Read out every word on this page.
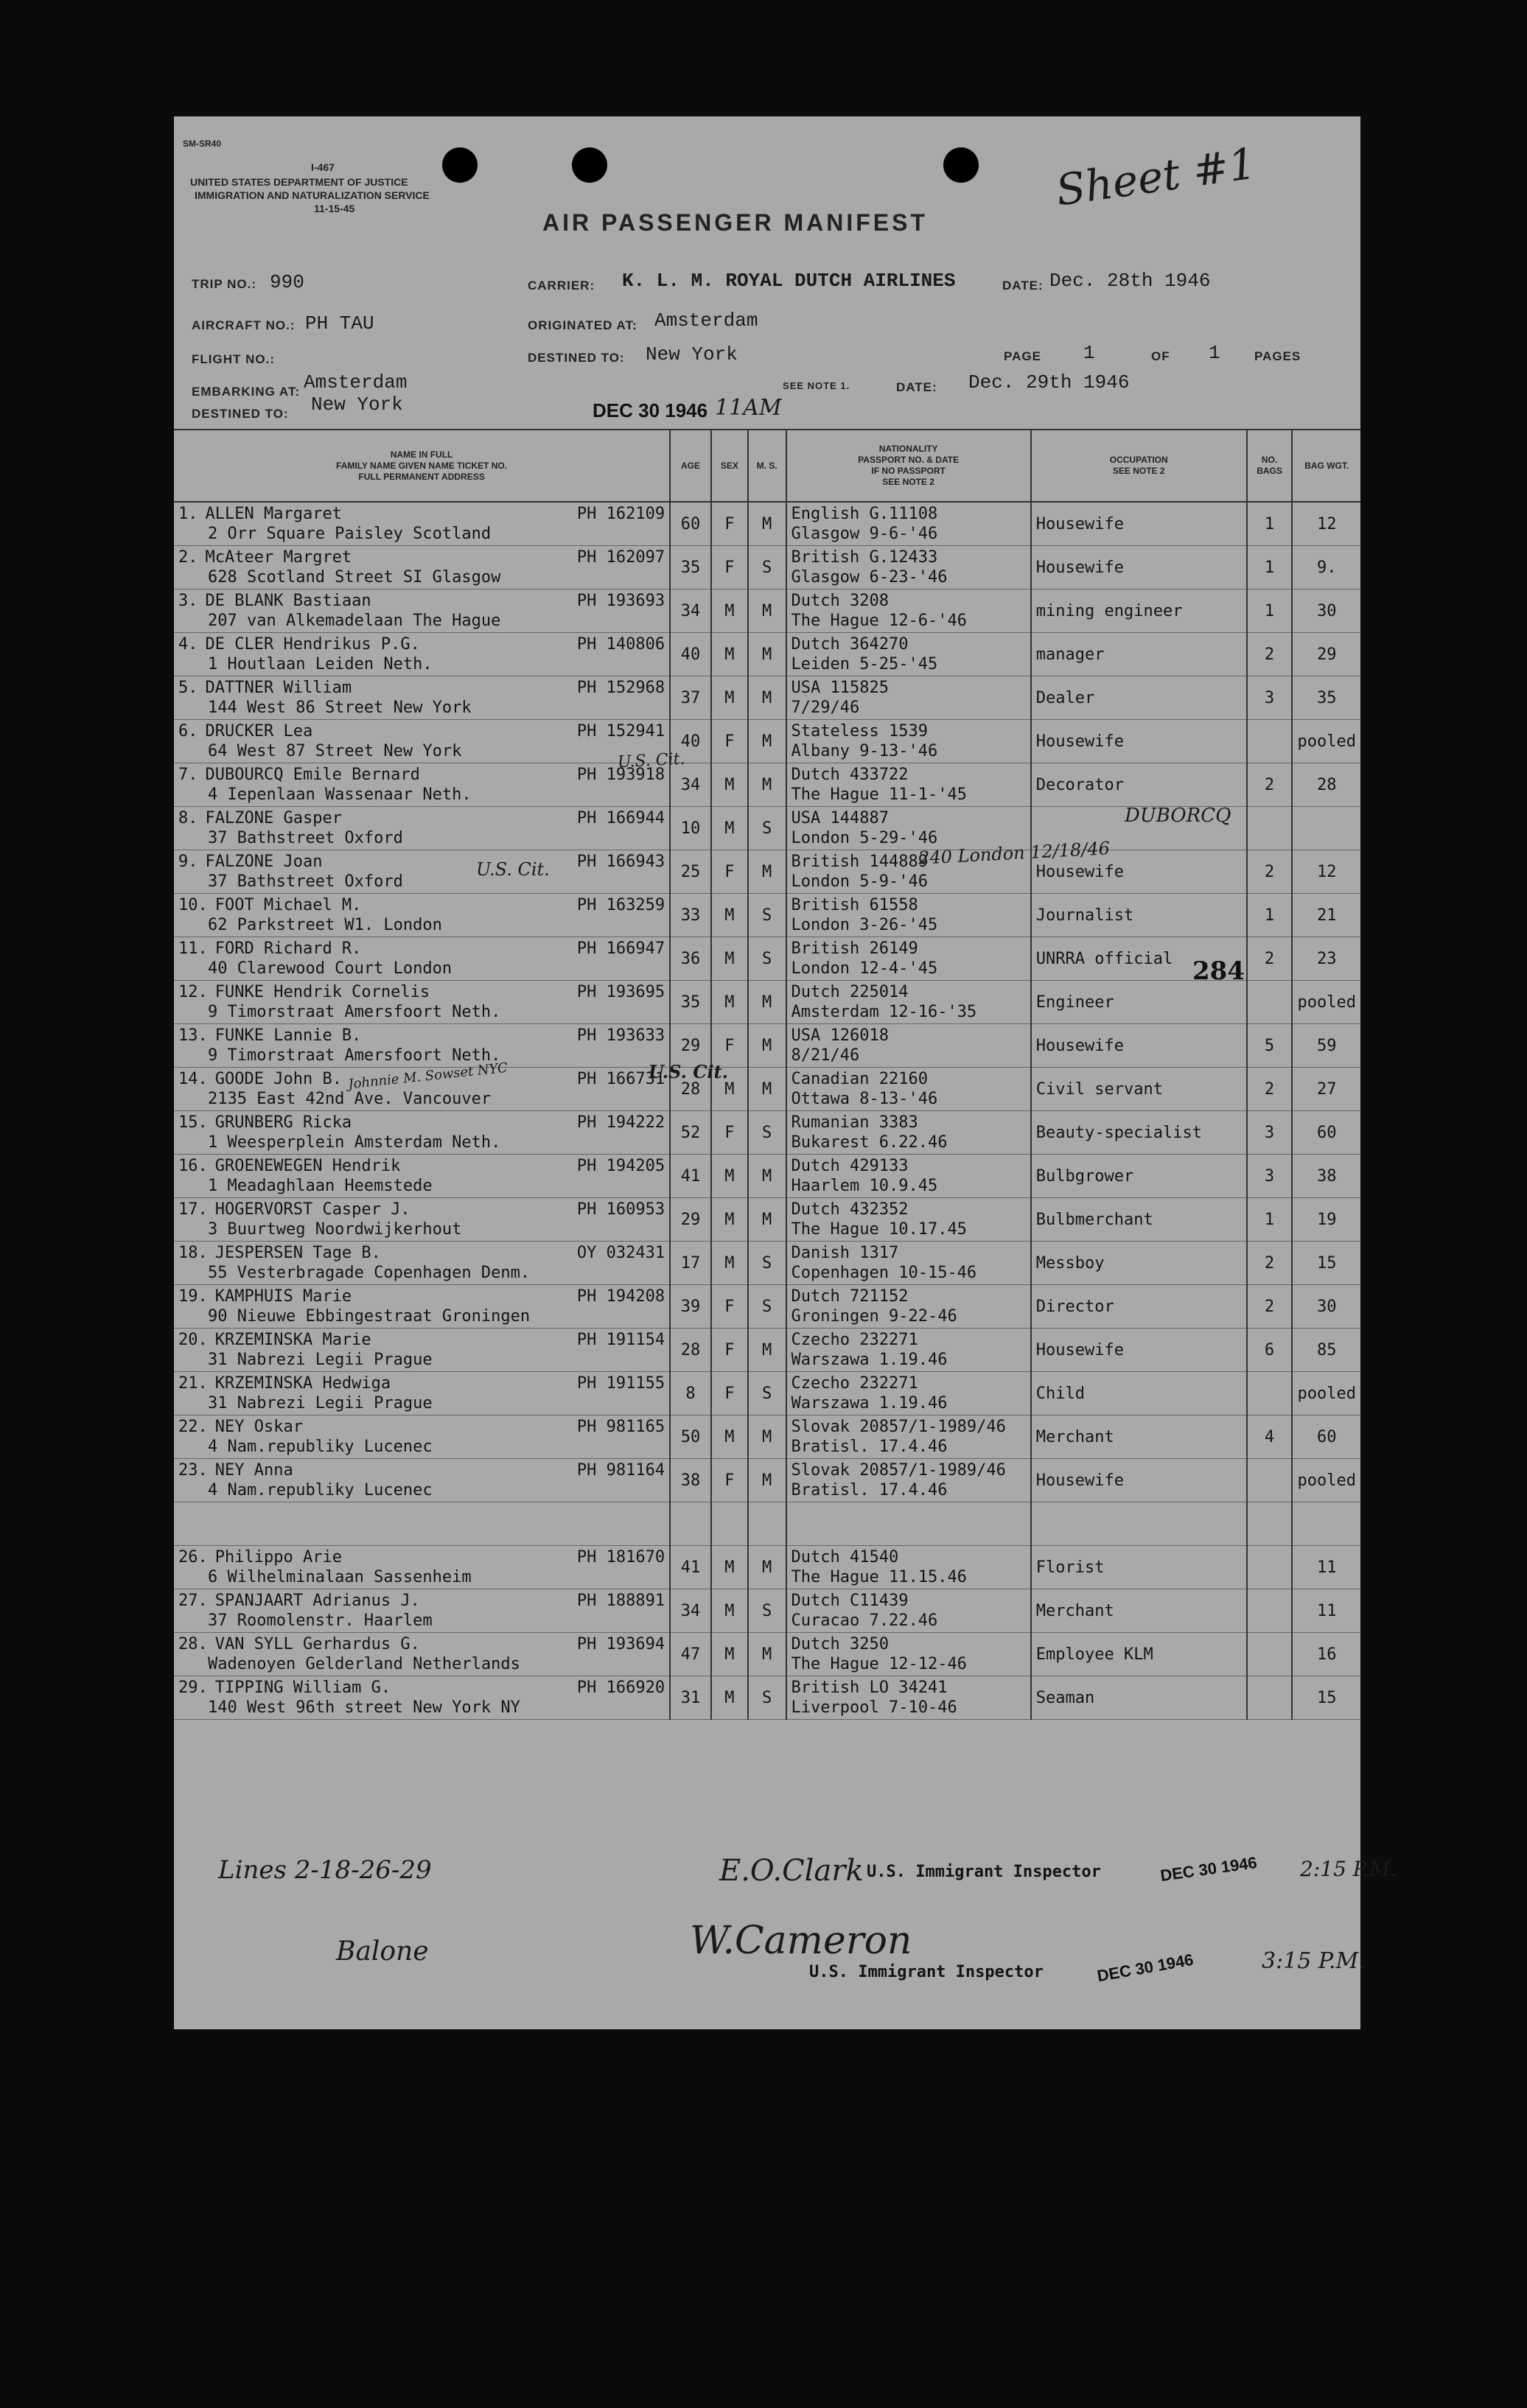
SM-SR40
I-467
UNITED STATES DEPARTMENT OF JUSTICE
IMMIGRATION AND NATURALIZATION SERVICE
11-15-45
AIR PASSENGER MANIFEST
Sheet #1
TRIP NO.: 990	CARRIER: K. L. M. ROYAL DUTCH AIRLINES	DATE: Dec. 28th 1946
AIRCRAFT NO.: PH TAU	ORIGINATED AT: Amsterdam
FLIGHT NO.:	DESTINED TO: New York	PAGE 1	OF 1	PAGES
EMBARKING AT: Amsterdam
DESTINED TO: New York
SEE NOTE 1.	DATE: Dec. 29th 1946
DEC 30 1946 11AM
NAME IN FULL
FAMILY NAME GIVEN NAME TICKET NO.
FULL PERMANENT ADDRESS	AGE	SEX	M. S.	NATIONALITY
PASSPORT NO. & DATE
IF NO PASSPORT
SEE NOTE 2	OCCUPATION
SEE NOTE 2	NO. BAGS	BAG WGT.

1. ALLEN Margaret PH 162109
2 Orr Square Paisley Scotland	60	F	M	English G.11108
Glasgow 9-6-'46	Housewife	1	12

2. McAteer Margret PH 162097
628 Scotland Street SI Glasgow	35	F	S	British G.12433
Glasgow 6-23-'46	Housewife	1	9.

3. DE BLANK Bastiaan PH 193693
207 van Alkemadelaan The Hague	34	M	M	Dutch 3208
The Hague 12-6-'46	mining engineer	1	30

4. DE CLER Hendrikus P.G. PH 140806
1 Houtlaan Leiden Neth.	40	M	M	Dutch 364270
Leiden 5-25-'45	manager	2	29

5. DATTNER William PH 152968
144 West 86 Street New York	37	M	M	USA 115825
7/29/46	Dealer	3	35

6. DRUCKER Lea PH 152941
64 West 87 Street New York	40	F	M	Stateless 1539
Albany 9-13-'46	Housewife		pooled

7. DUBOURCQ Emile Bernard PH 193918
4 Iepenlaan Wassenaar Neth.	34	M	M	Dutch 433722
The Hague 11-1-'45	Decorator	2	28

8. FALZONE Gasper PH 166944
37 Bathstreet Oxford	10	M	S	USA 144887
London 5-29-'46			

9. FALZONE Joan PH 166943
37 Bathstreet Oxford	25	F	M	British 144889
London 5-9-'46	Housewife	2	12

10. FOOT Michael M. PH 163259
62 Parkstreet W1. London	33	M	S	British 61558
London 3-26-'45	Journalist	1	21

11. FORD Richard R. PH 166947
40 Clarewood Court London	36	M	S	British 26149
London 12-4-'45	UNRRA official	2	23

12. FUNKE Hendrik Cornelis PH 193695
9 Timorstraat Amersfoort Neth.	35	M	M	Dutch 225014
Amsterdam 12-16-'35	Engineer		pooled

13. FUNKE Lannie B. PH 193633
9 Timorstraat Amersfoort Neth.	29	F	M	USA 126018
8/21/46	Housewife	5	59

14. GOODE John B. PH 166731
2135 East 42nd Ave. Vancouver	28	M	M	Canadian 22160
Ottawa 8-13-'46	Civil servant	2	27

15. GRUNBERG Ricka PH 194222
1 Weesperplein Amsterdam Neth.	52	F	S	Rumanian 3383
Bukarest 6.22.46	Beauty-specialist	3	60

16. GROENEWEGEN Hendrik PH 194205
1 Meadaghlaan Heemstede	41	M	M	Dutch 429133
Haarlem 10.9.45	Bulbgrower	3	38

17. HOGERVORST Casper J. PH 160953
3 Buurtweg Noordwijkerhout	29	M	M	Dutch 432352
The Hague 10.17.45	Bulbmerchant	1	19

18. JESPERSEN Tage B. OY 032431
55 Vesterbragade Copenhagen Denm.	17	M	S	Danish 1317
Copenhagen 10-15-46	Messboy	2	15

19. KAMPHUIS Marie PH 194208
90 Nieuwe Ebbingestraat Groningen	39	F	S	Dutch 721152
Groningen 9-22-46	Director	2	30

20. KRZEMINSKA Marie PH 191154
31 Nabrezi Legii Prague	28	F	M	Czecho 232271
Warszawa 1.19.46	Housewife	6	85

21. KRZEMINSKA Hedwiga PH 191155
31 Nabrezi Legii Prague	8	F	S	Czecho 232271
Warszawa 1.19.46	Child		pooled

22. NEY Oskar PH 981165
4 Nam.republiky Lucenec	50	M	M	Slovak 20857/1-1989/46
Bratisl. 17.4.46	Merchant	4	60

23. NEY Anna PH 981164
4 Nam.republiky Lucenec	38	F	M	Slovak 20857/1-1989/46
Bratisl. 17.4.46	Housewife		pooled

26. Philippo Arie PH 181670
6 Wilhelminalaan Sassenheim	41	M	M	Dutch 41540
The Hague 11.15.46	Florist		11

27. SPANJAART Adrianus J. PH 188891
37 Roomolenstr. Haarlem	34	M	S	Dutch C11439
Curacao 7.22.46	Merchant		11

28. VAN SYLL Gerhardus G. PH 193694
Wadenoyen Gelderland Netherlands	47	M	M	Dutch 3250
The Hague 12-12-46	Employee KLM		16

29. TIPPING William G. PH 166920
140 West 96th street New York NY	31	M	S	British LO 34241
Liverpool 7-10-46	Seaman		15
284
U.S. Cit.
U.S. Cit.
U.S. Cit.
DUBORCQ
240 London 12/18/46
Johnnie M. Sowset NYC
Lines 2-18-26-29	E.O.Clark U.S. Immigrant Inspector	DEC 30 1946 2:15 P.M.
Balone	W.Cameron
U.S. Immigrant Inspector	DEC 30 1946	3:15 P.M.
